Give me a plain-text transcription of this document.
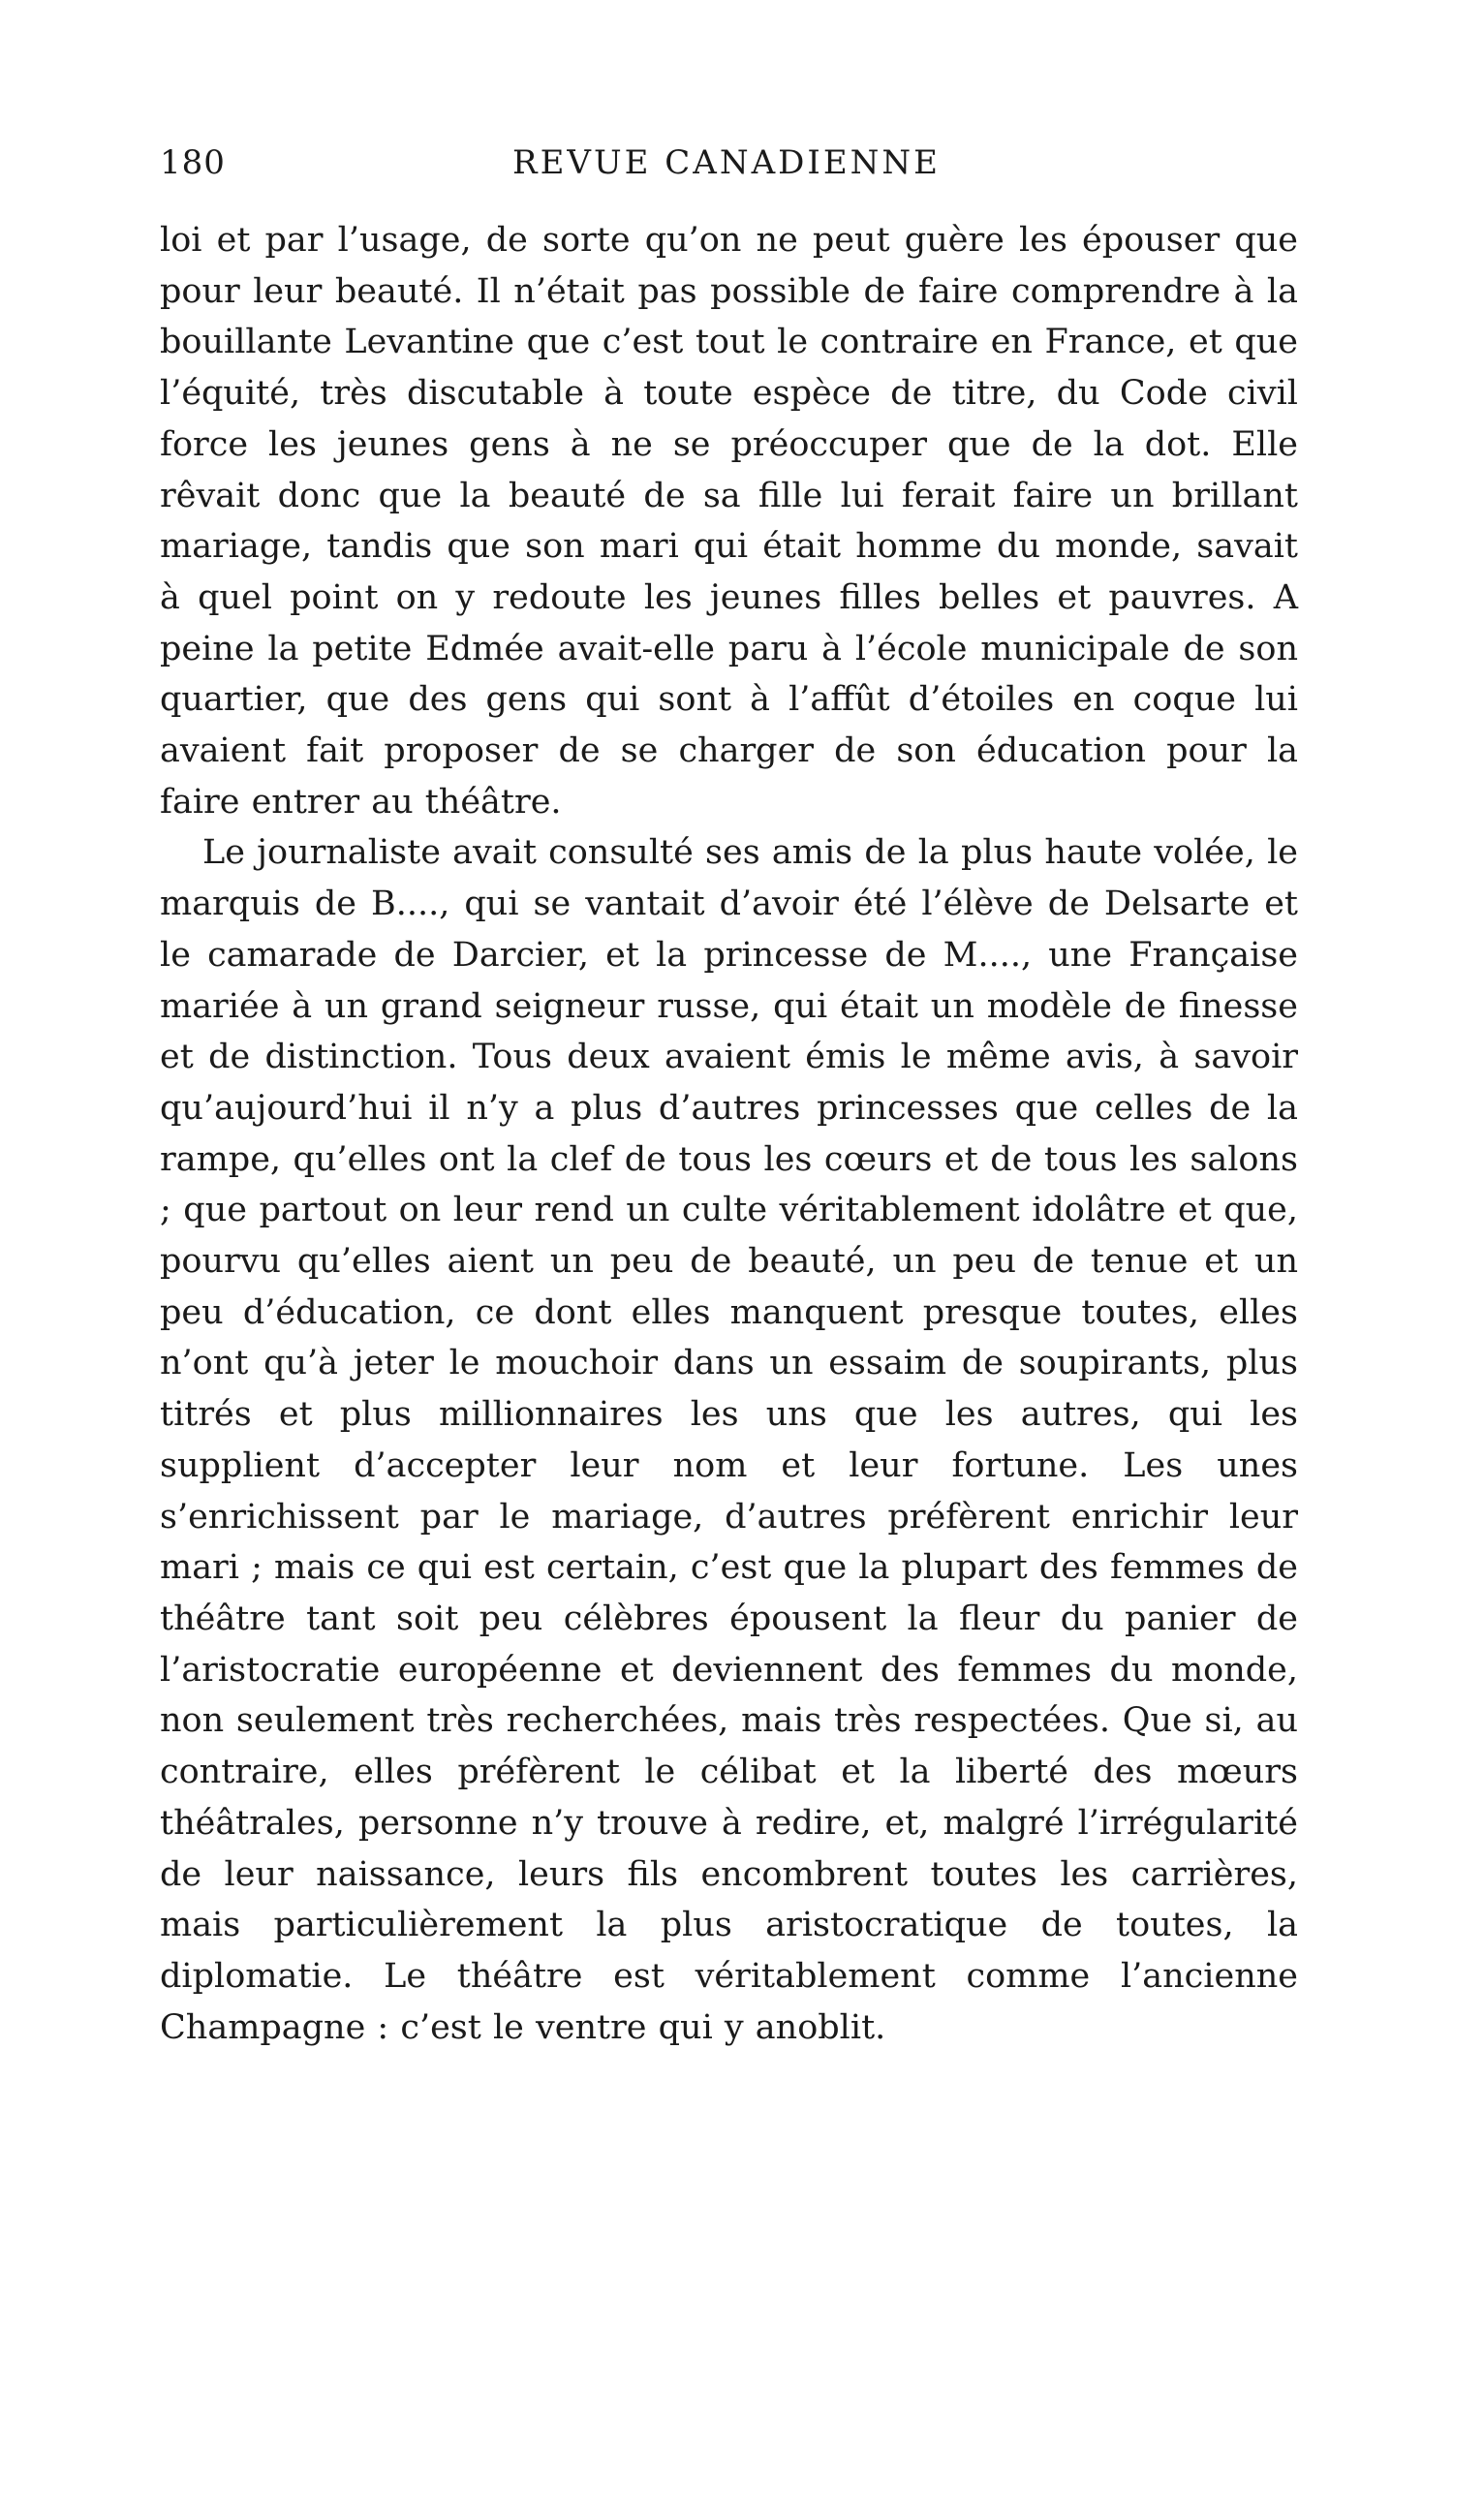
180	REVUE CANADIENNE

loi et par l’usage, de sorte qu’on ne peut guère les épouser que pour leur beauté. Il n’était pas possible de faire comprendre à la bouillante Levantine que c’est tout le contraire en France, et que l’équité, très discutable à toute espèce de titre, du Code civil force les jeunes gens à ne se préoccuper que de la dot. Elle rêvait donc que la beauté de sa fille lui ferait faire un brillant mariage, tandis que son mari qui était homme du monde, savait à quel point on y redoute les jeunes filles belles et pauvres. A peine la petite Edmée avait-elle paru à l’école municipale de son quartier, que des gens qui sont à l’affût d’étoiles en coque lui avaient fait proposer de se charger de son éducation pour la faire entrer au théâtre.

Le journaliste avait consulté ses amis de la plus haute volée, le marquis de B...., qui se vantait d’avoir été l’élève de Delsarte et le camarade de Darcier, et la princesse de M...., une Française mariée à un grand seigneur russe, qui était un modèle de finesse et de distinction. Tous deux avaient émis le même avis, à savoir qu’aujourd’hui il n’y a plus d’autres princesses que celles de la rampe, qu’elles ont la clef de tous les cœurs et de tous les salons ; que partout on leur rend un culte véritablement idolâtre et que, pourvu qu’elles aient un peu de beauté, un peu de tenue et un peu d’éducation, ce dont elles manquent presque toutes, elles n’ont qu’à jeter le mouchoir dans un essaim de soupirants, plus titrés et plus millionnaires les uns que les autres, qui les supplient d’accepter leur nom et leur fortune. Les unes s’enrichissent par le mariage, d’autres préfèrent enrichir leur mari ; mais ce qui est certain, c’est que la plupart des femmes de théâtre tant soit peu célèbres épousent la fleur du panier de l’aristocratie européenne et deviennent des femmes du monde, non seulement très recherchées, mais très respectées. Que si, au contraire, elles préfèrent le célibat et la liberté des mœurs théâtrales, personne n’y trouve à redire, et, malgré l’irrégularité de leur naissance, leurs fils encombrent toutes les carrières, mais particulièrement la plus aristocratique de toutes, la diplomatie. Le théâtre est véritablement comme l’ancienne Champagne : c’est le ventre qui y anoblit.
